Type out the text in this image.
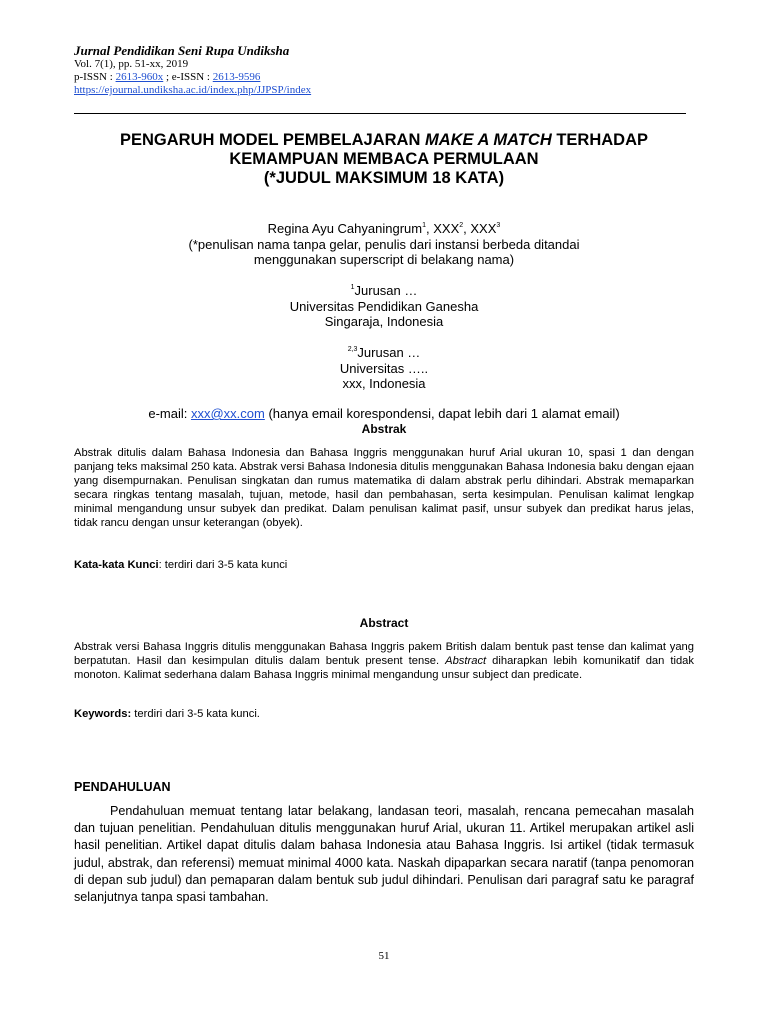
Jurnal Pendidikan Seni Rupa Undiksha
Vol. 7(1), pp. 51-xx, 2019
p-ISSN : 2613-960x ; e-ISSN : 2613-9596
https://ejournal.undiksha.ac.id/index.php/JJPSP/index
PENGARUH MODEL PEMBELAJARAN MAKE A MATCH TERHADAP
KEMAMPUAN MEMBACA PERMULAAN
(*JUDUL MAKSIMUM 18 KATA)
Regina Ayu Cahyaningrum$^1$, XXX$^2$, XXX$^3$
(*penulisan nama tanpa gelar, penulis dari instansi berbeda ditandai
menggunakan superscript di belakang nama)
$^1$Jurusan …
Universitas Pendidikan Ganesha
Singaraja, Indonesia
$^{2,3}$Jurusan …
Universitas …..
xxx, Indonesia
e-mail: xxx@xx.com (hanya email korespondensi, dapat lebih dari 1 alamat email)
Abstrak
Abstrak ditulis dalam Bahasa Indonesia dan Bahasa Inggris menggunakan huruf Arial ukuran 10, spasi 1 dan dengan panjang teks maksimal 250 kata. Abstrak versi Bahasa Indonesia ditulis menggunakan Bahasa Indonesia baku dengan ejaan yang disempurnakan. Penulisan singkatan dan rumus matematika di dalam abstrak perlu dihindari. Abstrak memaparkan secara ringkas tentang masalah, tujuan, metode, hasil dan pembahasan, serta kesimpulan. Penulisan kalimat lengkap minimal mengandung unsur subyek dan predikat. Dalam penulisan kalimat pasif, unsur subyek dan predikat harus jelas, tidak rancu dengan unsur keterangan (obyek).
Kata-kata Kunci: terdiri dari 3-5 kata kunci
Abstract
Abstrak versi Bahasa Inggris ditulis menggunakan Bahasa Inggris pakem British dalam bentuk past tense dan kalimat yang berpatutan. Hasil dan kesimpulan ditulis dalam bentuk present tense. Abstract diharapkan lebih komunikatif dan tidak monoton. Kalimat sederhana dalam Bahasa Inggris minimal mengandung unsur subject dan predicate.
Keywords: terdiri dari 3-5 kata kunci.
PENDAHULUAN
Pendahuluan memuat tentang latar belakang, landasan teori, masalah, rencana pemecahan masalah dan tujuan penelitian. Pendahuluan ditulis menggunakan huruf Arial, ukuran 11. Artikel merupakan artikel asli hasil penelitian. Artikel dapat ditulis dalam bahasa Indonesia atau Bahasa Inggris. Isi artikel (tidak termasuk judul, abstrak, dan referensi) memuat minimal 4000 kata. Naskah dipaparkan secara naratif (tanpa penomoran di depan sub judul) dan pemaparan dalam bentuk sub judul dihindari. Penulisan dari paragraf satu ke paragraf selanjutnya tanpa spasi tambahan.
51
